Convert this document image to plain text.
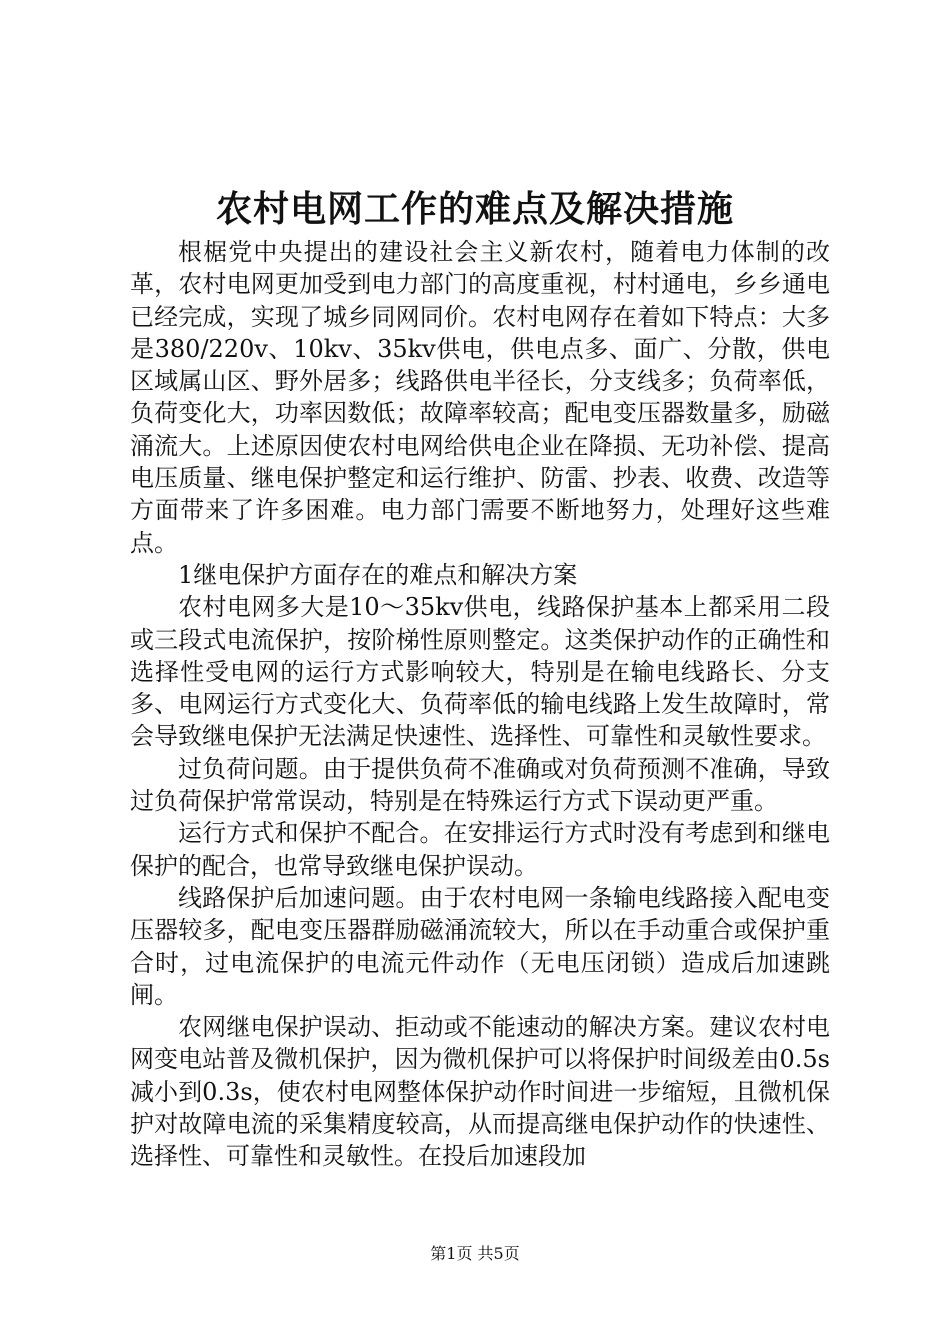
农村电网工作的难点及解决措施

根椐党中央提出的建设社会主义新农村，随着电力体制的改革，农村电网更加受到电力部门的高度重视，村村通电，乡乡通电已经完成，实现了城乡同网同价。农村电网存在着如下特点：大多是380/220v、10kv、35kv供电，供电点多、面广、分散，供电区域属山区、野外居多；线路供电半径长，分支线多；负荷率低，负荷变化大，功率因数低；故障率较高；配电变压器数量多，励磁涌流大。上述原因使农村电网给供电企业在降损、无功补偿、提高电压质量、继电保护整定和运行维护、防雷、抄表、收费、改造等方面带来了许多困难。电力部门需要不断地努力，处理好这些难点。

1继电保护方面存在的难点和解决方案

农村电网多大是10～35kv供电，线路保护基本上都采用二段或三段式电流保护，按阶梯性原则整定。这类保护动作的正确性和选择性受电网的运行方式影响较大，特别是在输电线路长、分支多、电网运行方式变化大、负荷率低的输电线路上发生故障时，常会导致继电保护无法满足快速性、选择性、可靠性和灵敏性要求。

过负荷问题。由于提供负荷不准确或对负荷预测不准确，导致过负荷保护常常误动，特别是在特殊运行方式下误动更严重。

运行方式和保护不配合。在安排运行方式时没有考虑到和继电保护的配合，也常导致继电保护误动。

线路保护后加速问题。由于农村电网一条输电线路接入配电变压器较多，配电变压器群励磁涌流较大，所以在手动重合或保护重合时，过电流保护的电流元件动作（无电压闭锁）造成后加速跳闸。

农网继电保护误动、拒动或不能速动的解决方案。建议农村电网变电站普及微机保护，因为微机保护可以将保护时间级差由0.5s减小到0.3s，使农村电网整体保护动作时间进一步缩短，且微机保护对故障电流的采集精度较高，从而提高继电保护动作的快速性、选择性、可靠性和灵敏性。在投后加速段加

第1页 共5页
